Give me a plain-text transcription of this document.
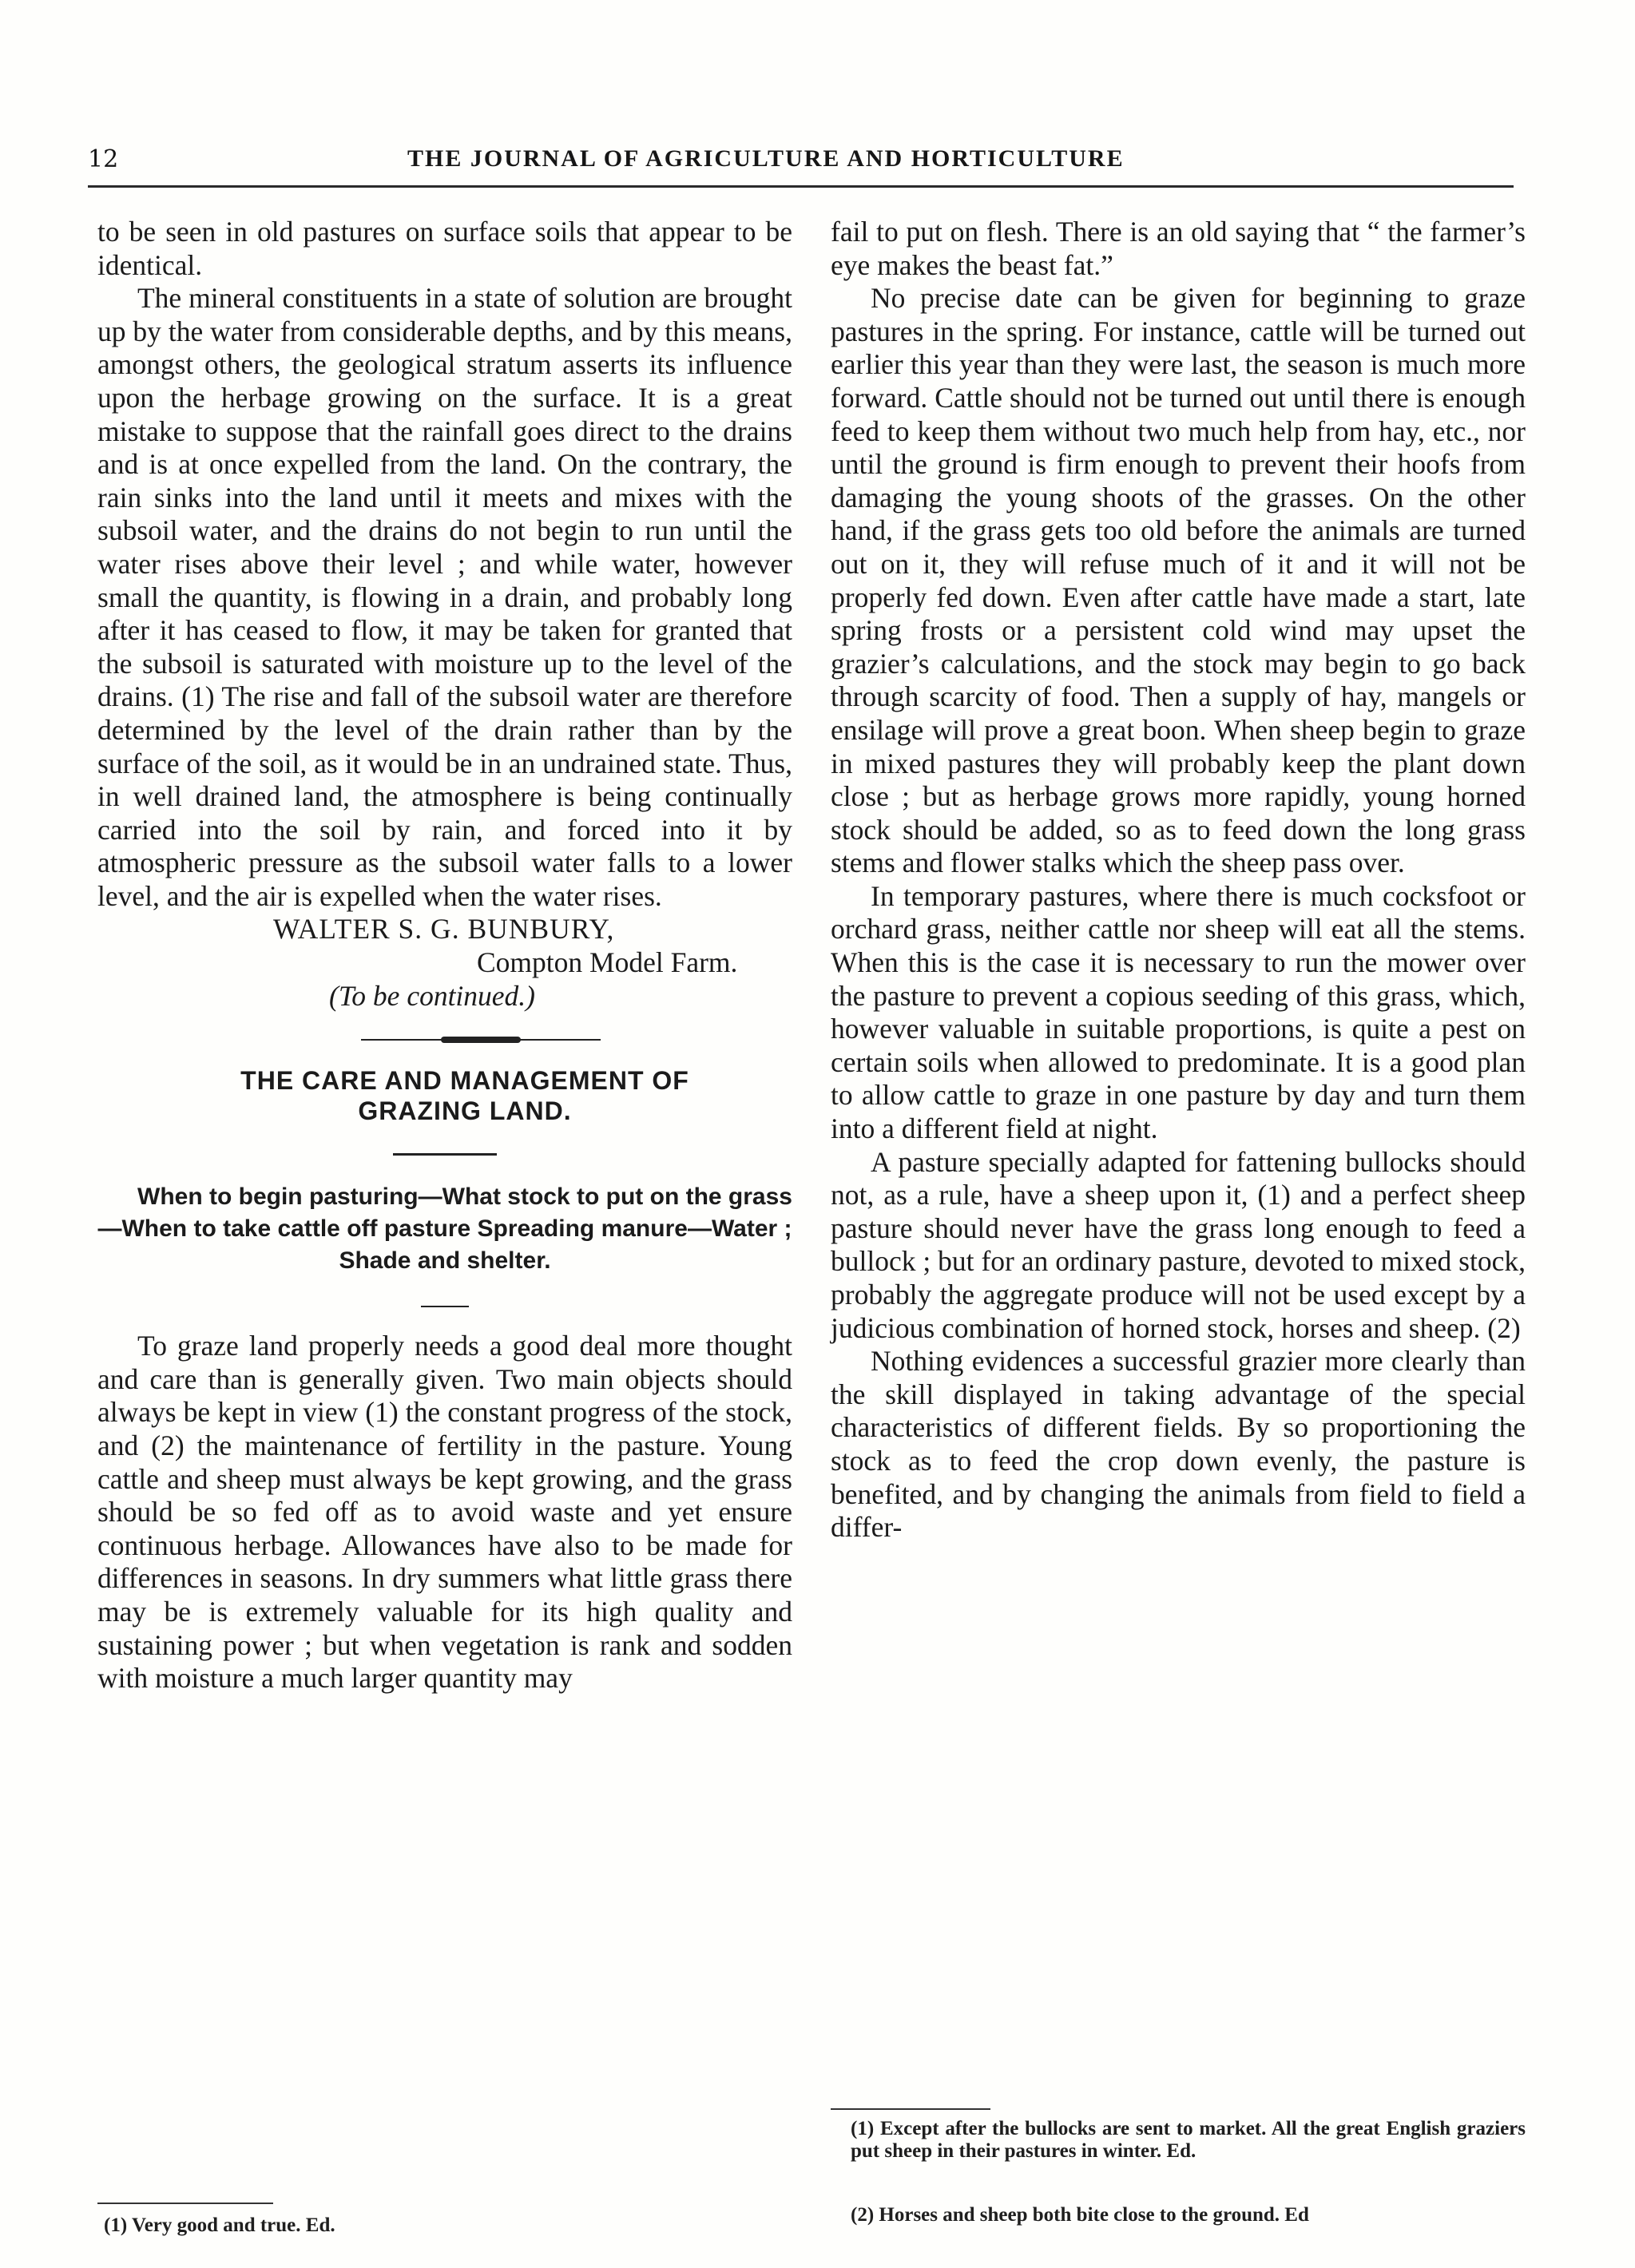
12	THE JOURNAL OF AGRICULTURE AND HORTICULTURE

to be seen in old pastures on surface soils that appear to be identical.

The mineral constituents in a state of solution are brought up by the water from considerable depths, and by this means, amongst others, the geological stratum asserts its influence upon the herbage growing on the surface. It is a great mistake to suppose that the rainfall goes direct to the drains and is at once expelled from the land. On the contrary, the rain sinks into the land until it meets and mixes with the subsoil water, and the drains do not begin to run until the water rises above their level ; and while water, however small the quantity, is flowing in a drain, and probably long after it has ceased to flow, it may be taken for granted that the subsoil is saturated with moisture up to the level of the drains. (1) The rise and fall of the subsoil water are therefore determined by the level of the drain rather than by the surface of the soil, as it would be in an undrained state. Thus, in well drained land, the atmosphere is being continually carried into the soil by rain, and forced into it by atmospheric pressure as the subsoil water falls to a lower level, and the air is expelled when the water rises.

WALTER S. G. BUNBURY,
Compton Model Farm.
(To be continued.)

THE CARE AND MANAGEMENT OF

GRAZING LAND.

When to begin pasturing—What stock to put on the grass—When to take cattle off pasture Spreading manure—Water ; Shade and shelter.

To graze land properly needs a good deal more thought and care than is generally given. Two main objects should always be kept in view (1) the constant progress of the stock, and (2) the maintenance of fertility in the pasture. Young cattle and sheep must always be kept growing, and the grass should be so fed off as to avoid waste and yet ensure continuous herbage. Allowances have also to be made for differences in seasons. In dry summers what little grass there may be is extremely valuable for its high quality and sustaining power ; but when vegetation is rank and sodden with moisture a much larger quantity may

fail to put on flesh. There is an old saying that “ the farmer’s eye makes the beast fat.”

No precise date can be given for beginning to graze pastures in the spring. For instance, cattle will be turned out earlier this year than they were last, the season is much more forward. Cattle should not be turned out until there is enough feed to keep them without two much help from hay, etc., nor until the ground is firm enough to prevent their hoofs from damaging the young shoots of the grasses. On the other hand, if the grass gets too old before the animals are turned out on it, they will refuse much of it and it will not be properly fed down. Even after cattle have made a start, late spring frosts or a persistent cold wind may upset the grazier’s calculations, and the stock may begin to go back through scarcity of food. Then a supply of hay, mangels or ensilage will prove a great boon. When sheep begin to graze in mixed pastures they will probably keep the plant down close ; but as herbage grows more rapidly, young horned stock should be added, so as to feed down the long grass stems and flower stalks which the sheep pass over.

In temporary pastures, where there is much cocksfoot or orchard grass, neither cattle nor sheep will eat all the stems. When this is the case it is necessary to run the mower over the pasture to prevent a copious seeding of this grass, which, however valuable in suitable proportions, is quite a pest on certain soils when allowed to predominate. It is a good plan to allow cattle to graze in one pasture by day and turn them into a different field at night.

A pasture specially adapted for fattening bullocks should not, as a rule, have a sheep upon it, (1) and a perfect sheep pasture should never have the grass long enough to feed a bullock ; but for an ordinary pasture, devoted to mixed stock, probably the aggregate produce will not be used except by a judicious combination of horned stock, horses and sheep. (2)

Nothing evidences a successful grazier more clearly than the skill displayed in taking advantage of the special characteristics of different fields. By so proportioning the stock as to feed the crop down evenly, the pasture is benefited, and by changing the animals from field to field a differ-

(1) Very good and true. Ed.
(1) Except after the bullocks are sent to market. All the great English graziers put sheep in their pastures in winter. Ed.
(2) Horses and sheep both bite close to the ground. Ed
